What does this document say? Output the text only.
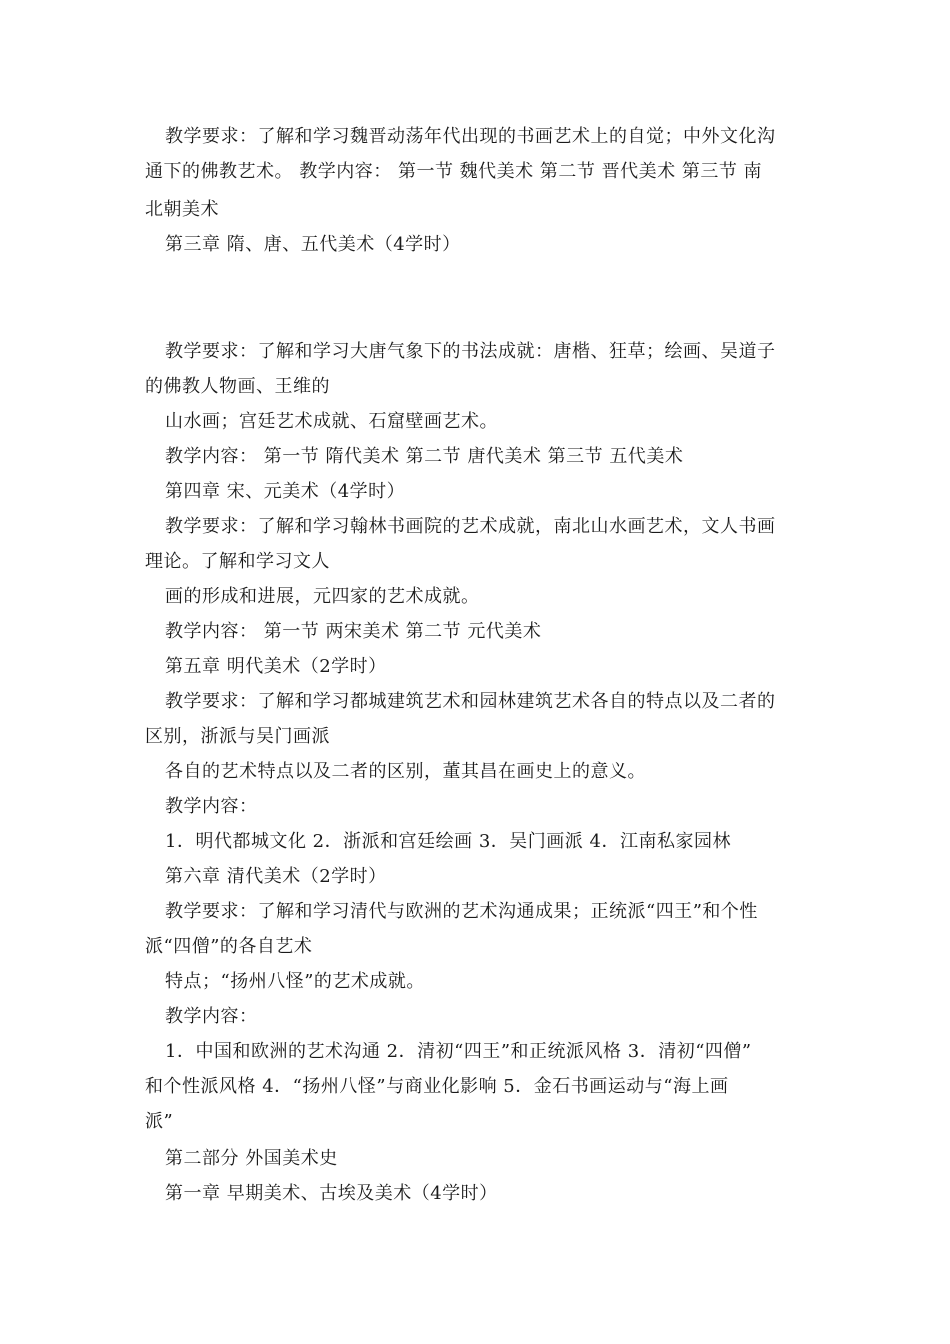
教学要求：了解和学习魏晋动荡年代出现的书画艺术上的自觉；中外文化沟
通下的佛教艺术。 教学内容： 第一节 魏代美术 第二节 晋代美术 第三节 南
北朝美术
第三章 隋、唐、五代美术（4学时）
教学要求：了解和学习大唐气象下的书法成就：唐楷、狂草；绘画、吴道子
的佛教人物画、王维的
山水画；宫廷艺术成就、石窟壁画艺术。
教学内容： 第一节 隋代美术 第二节 唐代美术 第三节 五代美术
第四章 宋、元美术（4学时）
教学要求：了解和学习翰林书画院的艺术成就，南北山水画艺术，文人书画
理论。了解和学习文人
画的形成和进展，元四家的艺术成就。
教学内容： 第一节 两宋美术 第二节 元代美术
第五章 明代美术（2学时）
教学要求：了解和学习都城建筑艺术和园林建筑艺术各自的特点以及二者的
区别，浙派与吴门画派
各自的艺术特点以及二者的区别，董其昌在画史上的意义。
教学内容：
1．明代都城文化 2．浙派和宫廷绘画 3．吴门画派 4．江南私家园林
第六章 清代美术（2学时）
教学要求：了解和学习清代与欧洲的艺术沟通成果；正统派“四王”和个性
派“四僧”的各自艺术
特点；“扬州八怪”的艺术成就。
教学内容：
1．中国和欧洲的艺术沟通 2．清初“四王”和正统派风格 3．清初“四僧”
和个性派风格 4．“扬州八怪”与商业化影响 5．金石书画运动与“海上画
派”
第二部分 外国美术史
第一章 早期美术、古埃及美术（4学时）
